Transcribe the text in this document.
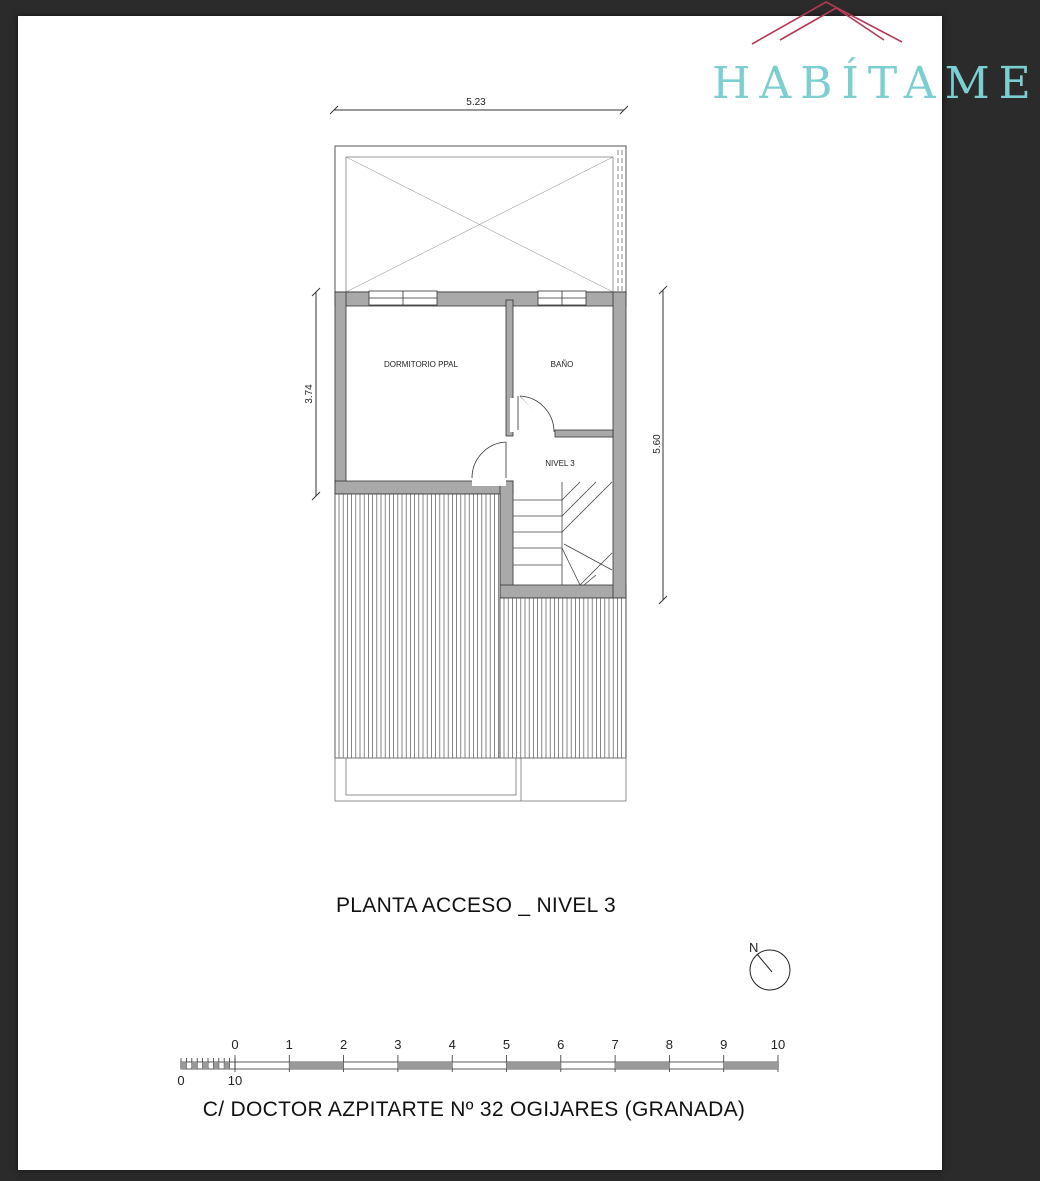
5.23
3.74
5.60
DORMITORIO PPAL	BAÑO
NIVEL 3
N
0	1	2	3	4	5	6	7	8	9	10
0	10
HABÍTAME
PLANTA ACCESO _ NIVEL 3
C/ DOCTOR AZPITARTE Nº 32 OGIJARES (GRANADA)
